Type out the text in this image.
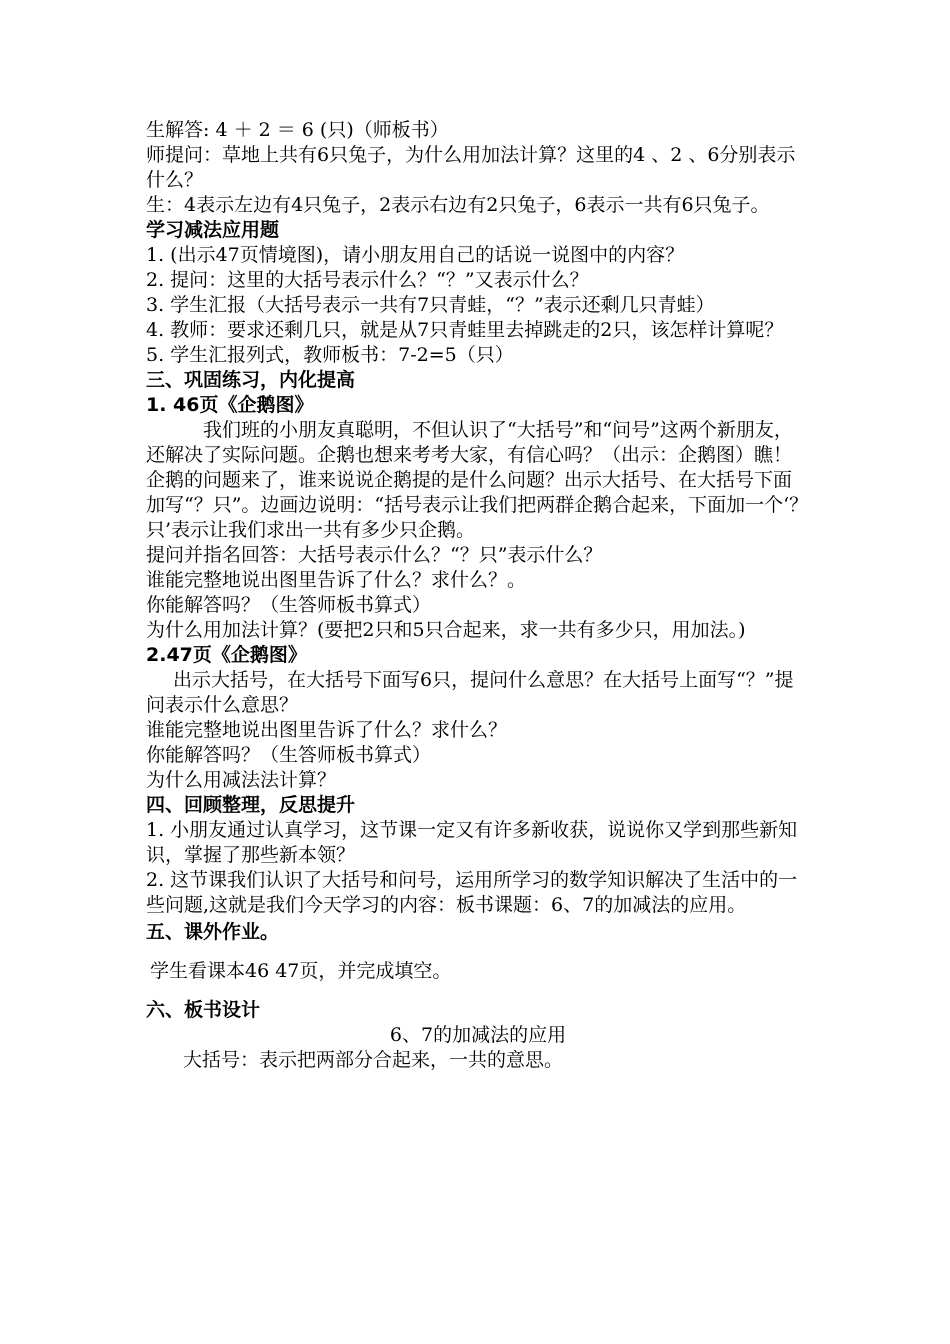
生解答: 4 ＋ 2 ＝ 6 (只)（师板书）

师提问：草地上共有6只兔子，为什么用加法计算？这里的4 、2 、6分别表示什么？

生：4表示左边有4只兔子，2表示右边有2只兔子，6表示一共有6只兔子。

学习减法应用题

1. (出示47页情境图)，请小朋友用自己的话说一说图中的内容？

2. 提问：这里的大括号表示什么？“？”又表示什么？

3. 学生汇报（大括号表示一共有7只青蛙，“？”表示还剩几只青蛙）

4. 教师：要求还剩几只，就是从7只青蛙里去掉跳走的2只，该怎样计算呢？

5. 学生汇报列式，教师板书：7-2=5（只）

三、巩固练习，内化提高

1. 46页《企鹅图》

我们班的小朋友真聪明，不但认识了“大括号”和“问号”这两个新朋友，还解决了实际问题。企鹅也想来考考大家，有信心吗？（出示：企鹅图）瞧！企鹅的问题来了，谁来说说企鹅提的是什么问题？出示大括号、在大括号下面加写“？只”。边画边说明：“括号表示让我们把两群企鹅合起来，下面加一个‘？只’表示让我们求出一共有多少只企鹅。

提问并指名回答：大括号表示什么？“？只”表示什么？

谁能完整地说出图里告诉了什么？求什么？。

你能解答吗？（生答师板书算式）

为什么用加法计算？(要把2只和5只合起来，求一共有多少只，用加法。)

2.47页《企鹅图》

出示大括号，在大括号下面写6只，提问什么意思？在大括号上面写“？”提问表示什么意思？

谁能完整地说出图里告诉了什么？求什么？

你能解答吗？（生答师板书算式）

为什么用减法法计算？

四、回顾整理，反思提升

1. 小朋友通过认真学习，这节课一定又有许多新收获，说说你又学到那些新知识，掌握了那些新本领？

2. 这节课我们认识了大括号和问号，运用所学习的数学知识解决了生活中的一些问题,这就是我们今天学习的内容：板书课题：6、7的加减法的应用。

五、课外作业。

学生看课本46 47页，并完成填空。

六、板书设计

6、7的加减法的应用

大括号：表示把两部分合起来，一共的意思。
